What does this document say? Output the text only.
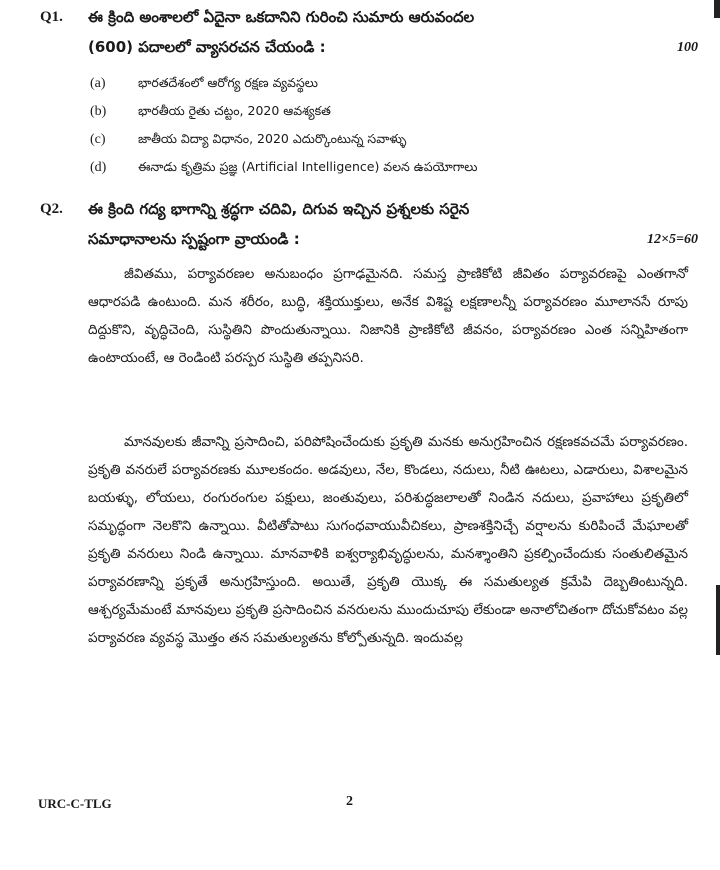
Q1. ఈ క్రింది అంశాలలో ఏదైనా ఒకదానిని గురించి సుమారు ఆరువందల
(600) పదాలలో వ్యాసరచన చేయండి :	100
(a)	భారతదేశంలో ఆరోగ్య రక్షణ వ్యవస్థలు
(b)	భారతీయ రైతు చట్టం, 2020 ఆవశ్యకత
(c)	జాతీయ విద్యా విధానం, 2020 ఎదుర్కొంటున్న సవాళ్ళు
(d)	ఈనాడు కృత్రిమ ప్రజ్ఞ (Artificial Intelligence) వలన ఉపయోగాలు
Q2. ఈ క్రింది గద్య భాగాన్ని శ్రద్ధగా చదివి, దిగువ ఇచ్చిన ప్రశ్నలకు సరైన
సమాధానాలను స్పష్టంగా వ్రాయండి :	12×5=60

జీవితము, పర్యావరణల అనుబంధం ప్రగాఢమైనది. సమస్త ప్రాణికోటి జీవితం పర్యావరణపై ఎంతగానో ఆధారపడి ఉంటుంది. మన శరీరం, బుద్ధి, శక్తియుక్తులు, అనేక విశిష్ట లక్షణాలన్నీ పర్యావరణం మూలానసే రూపు దిద్దుకొని, వృద్ధిచెంది, సుస్థితిని పొందుతున్నాయి. నిజానికి ప్రాణికోటి జీవనం, పర్యావరణం ఎంత సన్నిహితంగా ఉంటాయంటే, ఆ రెండింటి పరస్పర సుస్థితి తప్పనిసరి.

మానవులకు జీవాన్ని ప్రసాదించి, పరిపోషించేందుకు ప్రకృతి మనకు అనుగ్రహించిన రక్షణకవచమే పర్యావరణం. ప్రకృతి వనరులే పర్యావరణకు మూలకందం. అడవులు, నేల, కొండలు, నదులు, నీటి ఊటలు, ఎడారులు, విశాలమైన బయళ్ళు, లోయలు, రంగురంగుల పక్షులు, జంతువులు, పరిశుద్ధజలాలతో నిండిన నదులు, ప్రవాహాలు ప్రకృతిలో సమృద్ధంగా నెలకొని ఉన్నాయి. వీటితోపాటు సుగంధవాయువీచికలు, ప్రాణశక్తినిచ్చే వర్షాలను కురిపించే మేఘాలతో ప్రకృతి వనరులు నిండి ఉన్నాయి. మానవాళికి ఐశ్వర్యాభివృద్ధులను, మనశ్శాంతిని ప్రకల్పించేందుకు సంతులితమైన పర్యావరణాన్ని ప్రకృతే అనుగ్రహిస్తుంది. అయితే, ప్రకృతి యొక్క ఈ సమతుల్యత క్రమేపి దెబ్బతింటున్నది. ఆశ్చర్యమేమంటే మానవులు ప్రకృతి ప్రసాదించిన వనరులను ముందుచూపు లేకుండా అనాలోచితంగా దోచుకోవటం వల్ల పర్యావరణ వ్యవస్థ మొత్తం తన సమతుల్యతను కోల్పోతున్నది. ఇందువల్ల

URC-C-TLG	2
